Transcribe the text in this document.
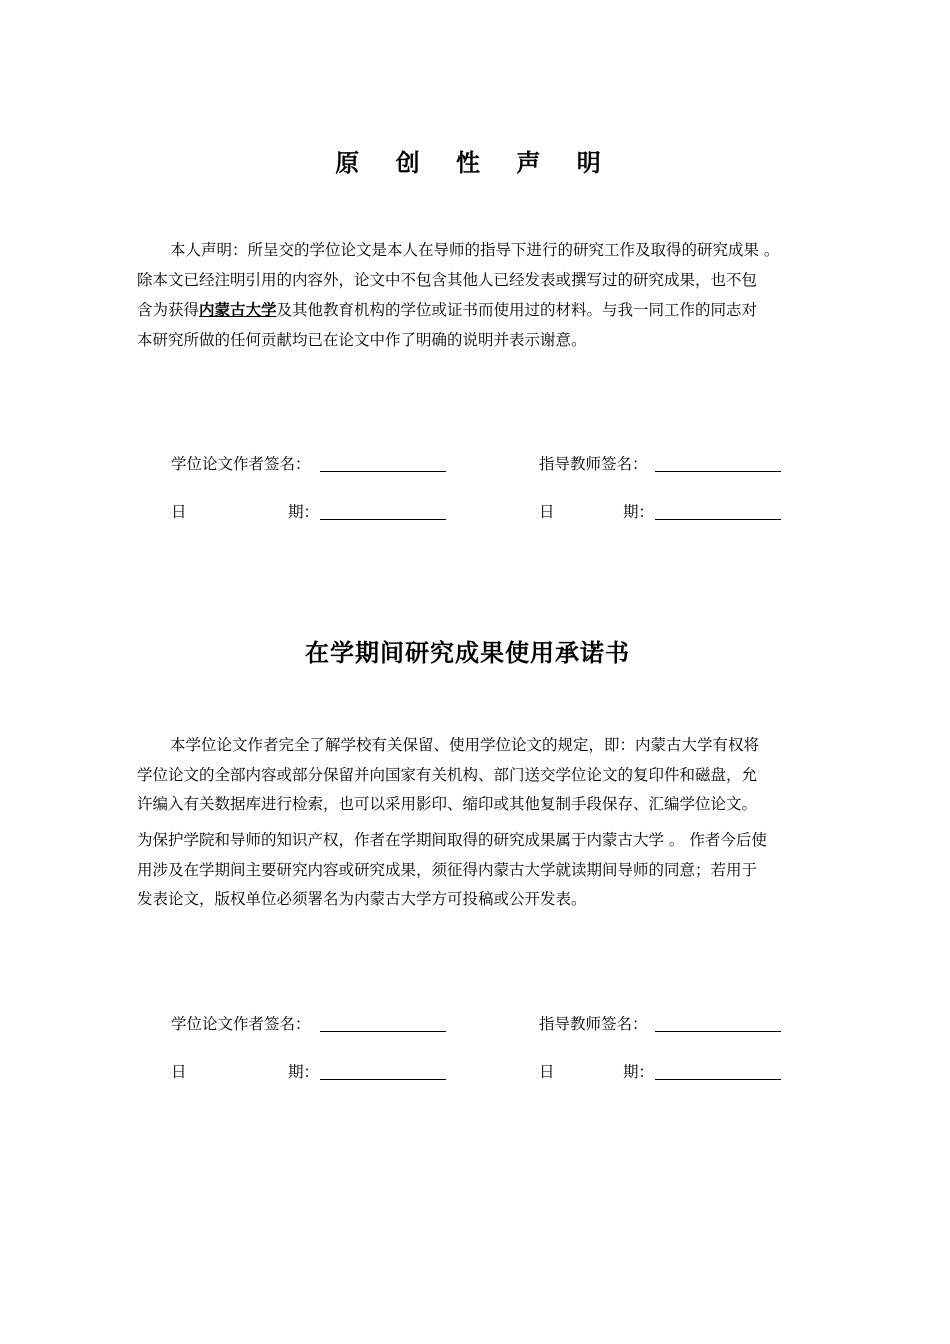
原 创 性 声 明
本人声明：所呈交的学位论文是本人在导师的指导下进行的研究工作及取得的研究成果 。
除本文已经注明引用的内容外，论文中不包含其他人已经发表或撰写过的研究成果，也不包
含为获得内蒙古大学及其他教育机构的学位或证书而使用过的材料。与我一同工作的同志对
本研究所做的任何贡献均已在论文中作了明确的说明并表示谢意。
学位论文作者签名：	指导教师签名：
日	期：	日	期：
在学期间研究成果使用承诺书
本学位论文作者完全了解学校有关保留、使用学位论文的规定，即：内蒙古大学有权将
学位论文的全部内容或部分保留并向国家有关机构、部门送交学位论文的复印件和磁盘，允
许编入有关数据库进行检索，也可以采用影印、缩印或其他复制手段保存、汇编学位论文。
为保护学院和导师的知识产权，作者在学期间取得的研究成果属于内蒙古大学 。 作者今后使
用涉及在学期间主要研究内容或研究成果，须征得内蒙古大学就读期间导师的同意；若用于
发表论文，版权单位必须署名为内蒙古大学方可投稿或公开发表。
学位论文作者签名：	指导教师签名：
日	期：	日	期：
